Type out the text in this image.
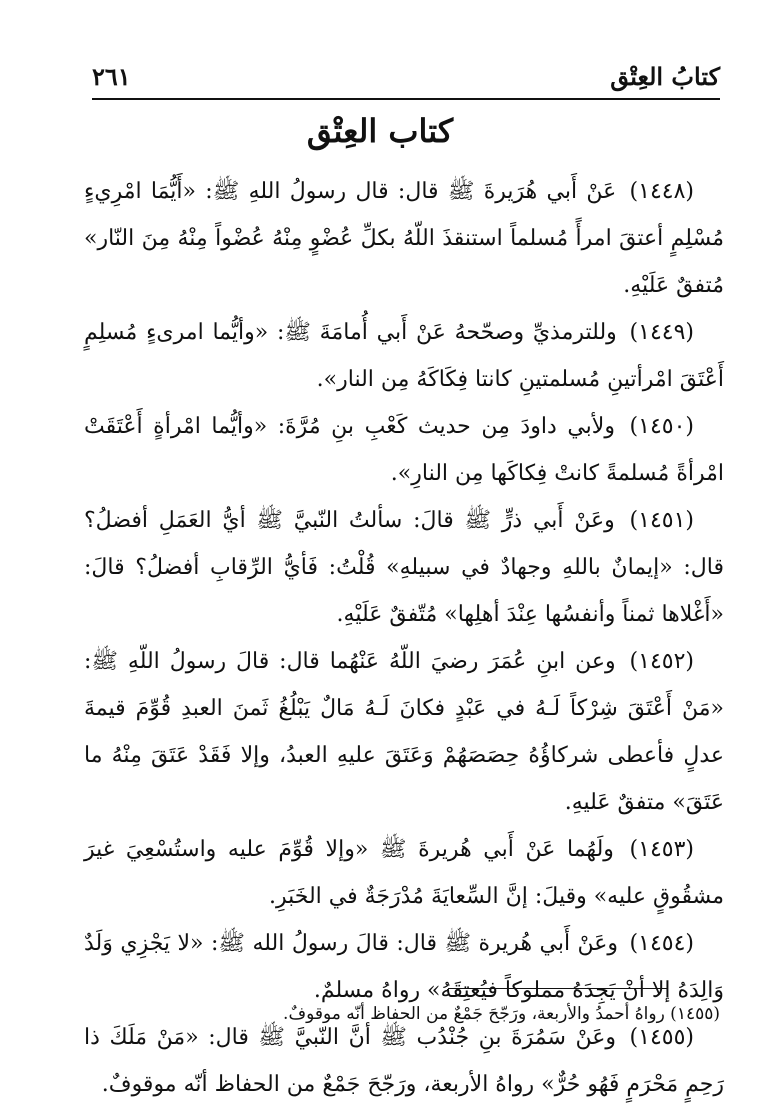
كتابُ العِتْق
٢٦١
كتاب العِتْق

(١٤٤٨) عَنْ أَبي هُرَيرةَ ﷺ قال: قال رسولُ اللهِ ﷺ: «أَيُّمَا امْرِيءٍ مُسْلِمٍ أعتقَ امرأً مُسلماً استنقذَ اللّهُ بكلِّ عُضْوٍ مِنْهُ عُضْواً مِنْهُ مِنَ النّار» مُتفقٌ عَلَيْهِ.

(١٤٤٩) وللترمذيِّ وصحّحهُ عَنْ أَبي أُمامَةَ ﷺ: «وأيُّما امرىءٍ مُسلِمٍ أَعْتَقَ امْرأتينِ مُسلمتينِ كانتا فِكَاكَهُ مِن النار».

(١٤٥٠) ولأبي داودَ مِن حديث كَعْبِ بنِ مُرَّةَ: «وأيُّما امْرأةٍ أَعْتَقَتْ امْرأةً مُسلمةً كانتْ فِكاكَها مِن النارِ».

(١٤٥١) وعَنْ أَبي ذرٍّ ﷺ قالَ: سألتُ النّبيَّ ﷺ أيُّ العَمَلِ أفضلُ؟ قال: «إيمانٌ باللهِ وجهادٌ في سبيلهِ» قُلْتُ: فَأيُّ الرِّقابِ أفضلُ؟ قالَ: «أَغْلاها ثمناً وأنفسُها عِنْدَ أهلِها» مُتّفقٌ عَلَيْهِ.

(١٤٥٢) وعن ابنِ عُمَرَ رضيَ اللّهُ عَنْهُما قال: قالَ رسولُ اللّهِ ﷺ: «مَنْ أَعْتَقَ شِرْكاً لَـهُ في عَبْدٍ فكانَ لَـهُ مَالٌ يَبْلُغُ ثَمنَ العبدِ قُوِّمَ قيمةَ عدلٍ فأعطى شركاؤُهُ حِصَصَهُمْ وَعَتَقَ عليهِ العبدُ، وإلا فَقَدْ عَتَقَ مِنْهُ ما عَتَقَ» متفقٌ عَليهِ.

(١٤٥٣) ولَهُما عَنْ أَبي هُريرةَ ﷺ «وإلا قُوِّمَ عليه واستُسْعِيَ غيرَ مشقُوقٍ عليه» وقيلَ: إنَّ السِّعايَةَ مُدْرَجَةٌ في الخَبَرِ.

(١٤٥٤) وعَنْ أَبي هُريرة ﷺ قال: قالَ رسولُ الله ﷺ: «لا يَجْزِي وَلَدٌ وَالِدَهُ إلا أنْ يَجِدَهُ مملوكاً فيُعتِقَهُ» رواهُ مسلمٌ.

(١٤٥٥) وعَنْ سَمُرَةَ بنِ جُنْدُب ﷺ أنَّ النّبيَّ ﷺ قال: «مَنْ مَلَكَ ذا رَحِمٍ مَحْرَمٍ فَهُو حُرٌّ» رواهُ الأربعة، ورَجّحَ جَمْعٌ من الحفاظ أنّه موقوفٌ.

(١٤٥٥) رواهُ أحمدُ والأربعة، ورَجّحَ جَمْعٌ من الحفاظ أنّه موقوفٌ.
